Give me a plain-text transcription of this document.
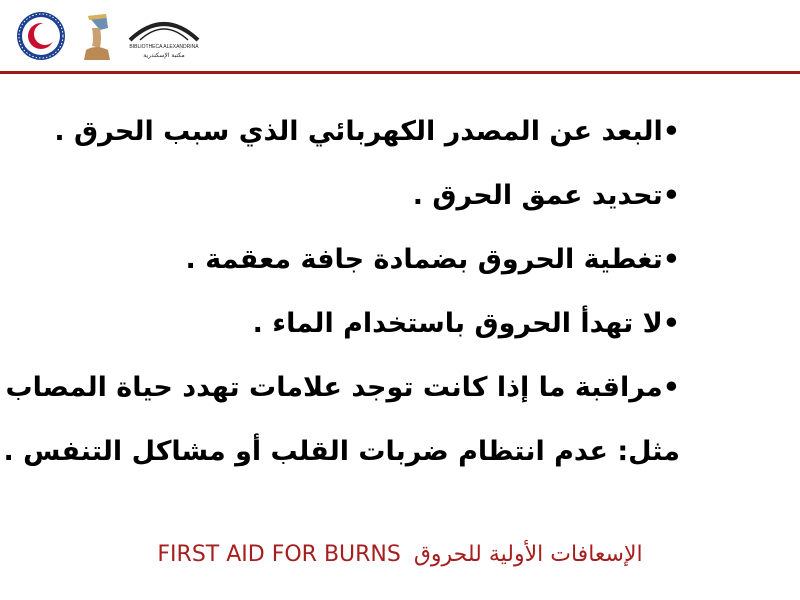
BIBLIOTHECA ALEXANDRINA
مكتبة الإسكندرية
•البعد عن المصدر الكهربائي الذي سبب الحرق .
•تحديد عمق الحرق .
•تغطية الحروق بضمادة جافة معقمة .
•لا تهدأ الحروق باستخدام الماء .
•مراقبة ما إذا كانت توجد علامات تهدد حياة المصاب
مثل: عدم انتظام ضربات القلب أو مشاكل التنفس .
FIRST AID FOR BURNS الإسعافات الأولية للحروق
